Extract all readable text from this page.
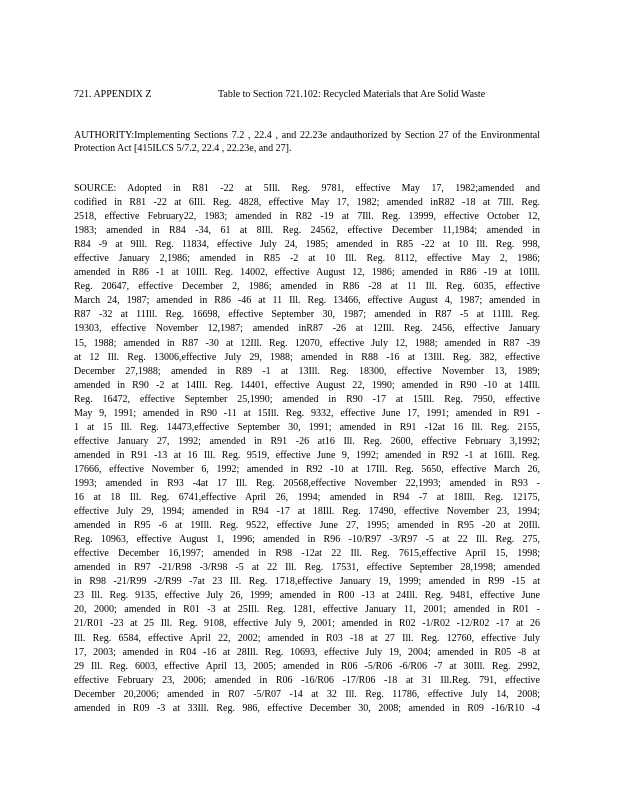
721. APPENDIX Z	Table to Section 721.102: Recycled Materials that Are Solid Waste
AUTHORITY:Implementing Sections 7.2 , 22.4 , and 22.23e andauthorized by Section 27 of the Environmental Protection Act [415ILCS 5/7.2, 22.4 , 22.23e, and 27].
SOURCE: Adopted in R81 -22 at 5Ill. Reg. 9781, effective May 17, 1982;amended and
codified in R81 -22 at 6Ill. Reg. 4828, effective May 17, 1982; amended inR82 -18 at 7Ill. Reg.
2518, effective February22, 1983; amended in R82 -19 at 7Ill. Reg. 13999, effective October 12,
1983; amended in R84 -34, 61 at 8Ill. Reg. 24562, effective December 11,1984; amended in
R84 -9 at 9Ill. Reg. 11834, effective July 24, 1985; amended in R85 -22 at 10 Ill. Reg. 998,
effective January 2,1986; amended in R85 -2 at 10 Ill. Reg. 8112, effective May 2, 1986;
amended in R86 -1 at 10Ill. Reg. 14002, effective August 12, 1986; amended in R86 -19 at 10Ill.
Reg. 20647, effective December 2, 1986; amended in R86 -28 at 11 Ill. Reg. 6035, effective
March 24, 1987; amended in R86 -46 at 11 Ill. Reg. 13466, effective August 4, 1987; amended in
R87 -32 at 11Ill. Reg. 16698, effective September 30, 1987; amended in R87 -5 at 11Ill. Reg.
19303, effective November 12,1987; amended inR87 -26 at 12Ill. Reg. 2456, effective January
15, 1988; amended in R87 -30 at 12Ill. Reg. 12070, effective July 12, 1988; amended in R87 -39
at 12 Ill. Reg. 13006,effective July 29, 1988; amended in R88 -16 at 13Ill. Reg. 382, effective
December 27,1988; amended in R89 -1 at 13Ill. Reg. 18300, effective November 13, 1989;
amended in R90 -2 at 14Ill. Reg. 14401, effective August 22, 1990; amended in R90 -10 at 14Ill.
Reg. 16472, effective September 25,1990; amended in R90 -17 at 15Ill. Reg. 7950, effective
May 9, 1991; amended in R90 -11 at 15Ill. Reg. 9332, effective June 17, 1991; amended in R91 -
1 at 15 Ill. Reg. 14473,effective September 30, 1991; amended in R91 -12at 16 Ill. Reg. 2155,
effective January 27, 1992; amended in R91 -26 at16 Ill. Reg. 2600, effective February 3,1992;
amended in R91 -13 at 16 Ill. Reg. 9519, effective June 9, 1992; amended in R92 -1 at 16Ill. Reg.
17666, effective November 6, 1992; amended in R92 -10 at 17Ill. Reg. 5650, effective March 26,
1993; amended in R93 -4at 17 Ill. Reg. 20568,effective November 22,1993; amended in R93 -
16 at 18 Ill. Reg. 6741,effective April 26, 1994; amended in R94 -7 at 18Ill. Reg. 12175,
effective July 29, 1994; amended in R94 -17 at 18Ill. Reg. 17490, effective November 23, 1994;
amended in R95 -6 at 19Ill. Reg. 9522, effective June 27, 1995; amended in R95 -20 at 20Ill.
Reg. 10963, effective August 1, 1996; amended in R96 -10/R97 -3/R97 -5 at 22 Ill. Reg. 275,
effective December 16,1997; amended in R98 -12at 22 Ill. Reg. 7615,effective April 15, 1998;
amended in R97 -21/R98 -3/R98 -5 at 22 Ill. Reg. 17531, effective September 28,1998; amended
in R98 -21/R99 -2/R99 -7at 23 Ill. Reg. 1718,effective January 19, 1999; amended in R99 -15 at
23 Ill. Reg. 9135, effective July 26, 1999; amended in R00 -13 at 24Ill. Reg. 9481, effective June
20, 2000; amended in R01 -3 at 25Ill. Reg. 1281, effective January 11, 2001; amended in R01 -
21/R01 -23 at 25 Ill. Reg. 9108, effective July 9, 2001; amended in R02 -1/R02 -12/R02 -17 at 26
Ill. Reg. 6584, effective April 22, 2002; amended in R03 -18 at 27 Ill. Reg. 12760, effective July
17, 2003; amended in R04 -16 at 28Ill. Reg. 10693, effective July 19, 2004; amended in R05 -8 at
29 Ill. Reg. 6003, effective April 13, 2005; amended in R06 -5/R06 -6/R06 -7 at 30Ill. Reg. 2992,
effective February 23, 2006; amended in R06 -16/R06 -17/R06 -18 at 31 Ill.Reg. 791, effective
December 20,2006; amended in R07 -5/R07 -14 at 32 Ill. Reg. 11786, effective July 14, 2008;
amended in R09 -3 at 33Ill. Reg. 986, effective December 30, 2008; amended in R09 -16/R10 -4
